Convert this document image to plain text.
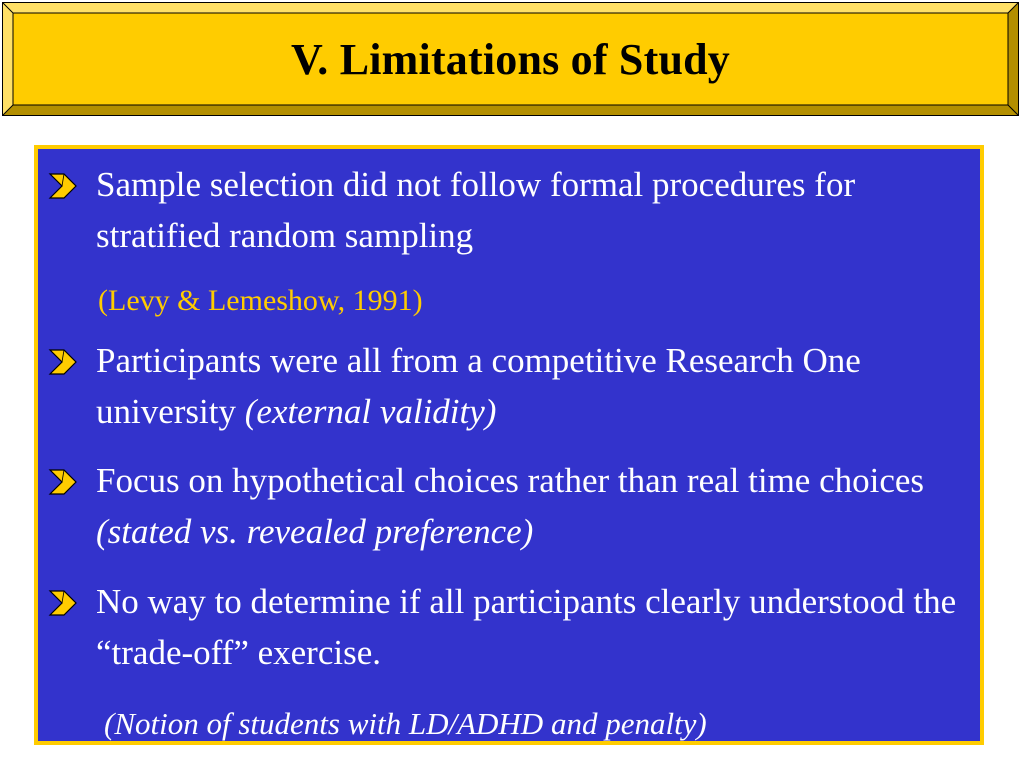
V. Limitations of Study
Sample selection did not follow formal procedures for stratified random sampling
(Levy & Lemeshow, 1991)
Participants were all from a competitive Research One university (external validity)
Focus on hypothetical choices rather than real time choices (stated vs. revealed preference)
No way to determine if all participants clearly understood the “trade-off” exercise.
(Notion of students with LD/ADHD and penalty)
